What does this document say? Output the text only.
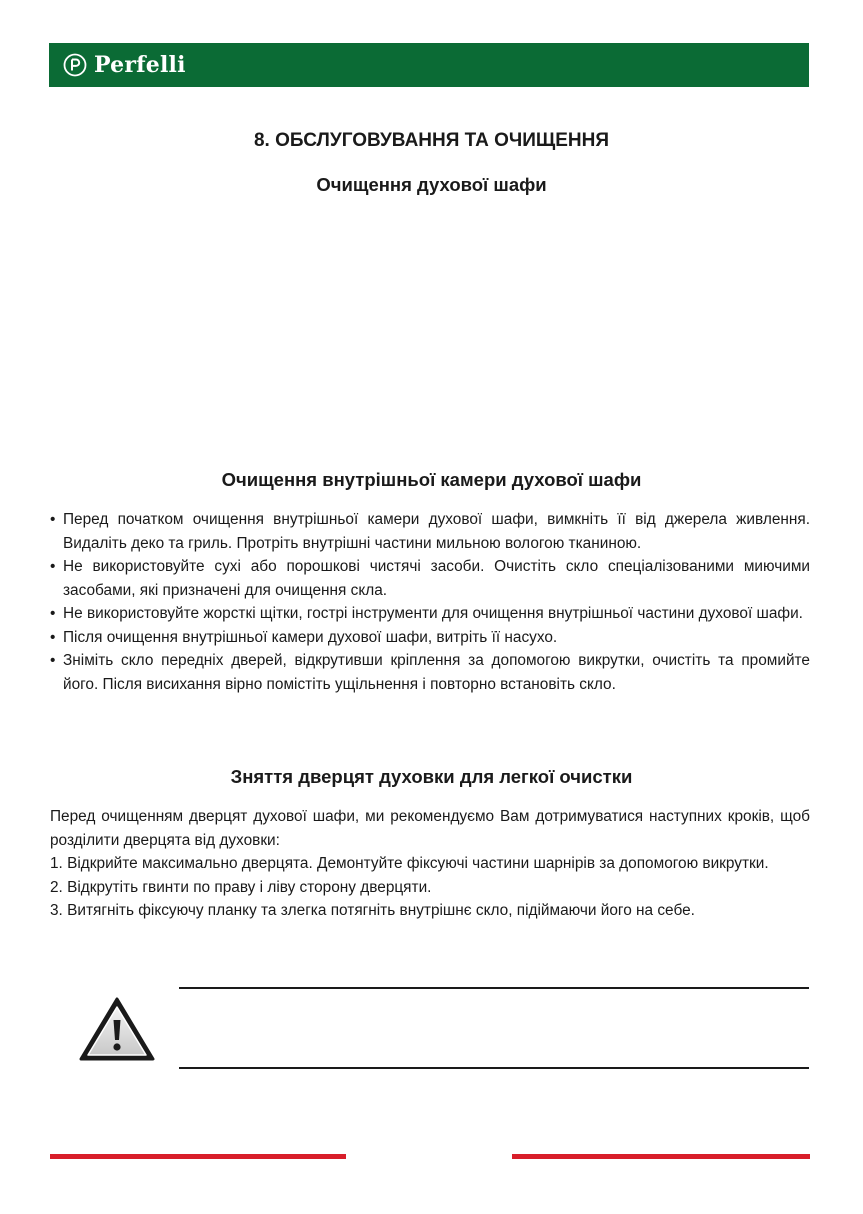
Perfelli
8. ОБСЛУГОВУВАННЯ ТА ОЧИЩЕННЯ
Очищення духової шафи
Очищення внутрішньої камери духової шафи
• Перед початком очищення внутрішньої камери духової шафи, вимкніть її від джерела живлення. Видаліть деко та гриль. Протріть внутрішні частини мильною вологою тканиною.
• Не використовуйте сухі або порошкові чистячі засоби. Очистіть скло спеціалізованими миючими засобами, які призначені для очищення скла.
• Не використовуйте жорсткі щітки, гострі інструменти для очищення внутрішньої частини духової шафи.
• Після очищення внутрішньої камери духової шафи, витріть її насухо.
• Зніміть скло передніх дверей, відкрутивши кріплення за допомогою викрутки, очистіть та промийте його. Після висихання вірно помістіть ущільнення і повторно встановіть скло.
Зняття дверцят духовки для легкої очистки

Перед очищенням дверцят духової шафи, ми рекомендуємо Вам дотримуватися наступних кроків, щоб розділити дверцята від духовки:

1. Відкрийте максимально дверцята. Демонтуйте фіксуючі частини шарнірів за допомогою викрутки.

2. Відкрутіть гвинти по праву і ліву сторону дверцяти.

3. Витягніть фіксуючу планку та злегка потягніть внутрішнє скло, підіймаючи його на себе.
